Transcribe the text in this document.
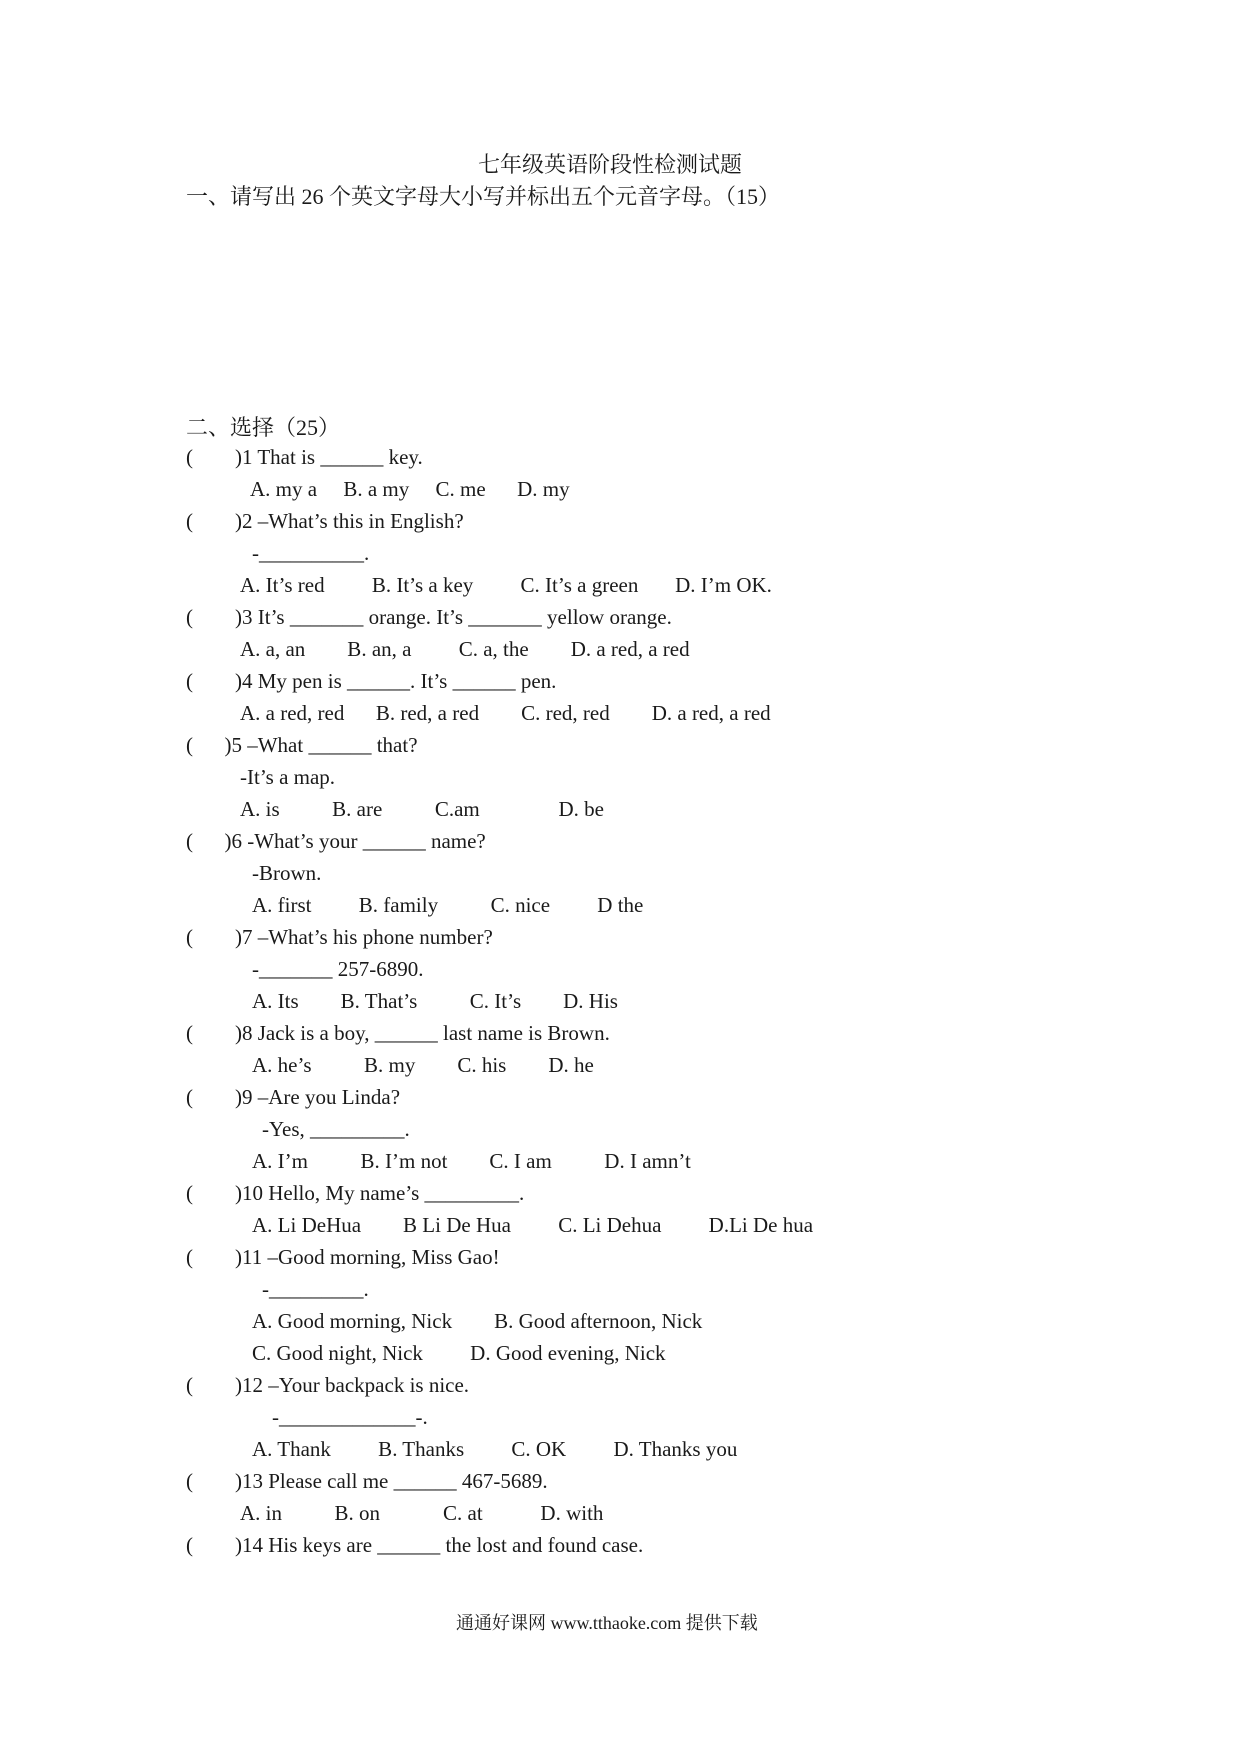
七年级英语阶段性检测试题
一、请写出 26 个英文字母大小写并标出五个元音字母。（15）
二、选择（25）
(        )1 That is ______ key.
A. my a     B. a my     C. me      D. my
(        )2 –What’s this in English?
-__________.
A. It’s red         B. It’s a key         C. It’s a green       D. I’m OK.
(        )3 It’s _______ orange. It’s _______ yellow orange.
A. a, an        B. an, a         C. a, the        D. a red, a red
(        )4 My pen is ______. It’s ______ pen.
A. a red, red      B. red, a red        C. red, red        D. a red, a red
(      )5 –What ______ that?
-It’s a map.
A. is          B. are          C.am               D. be
(      )6 -What’s your ______ name?
-Brown.
A. first         B. family          C. nice         D the
(        )7 –What’s his phone number?
-_______ 257-6890.
A. Its        B. That’s          C. It’s        D. His
(        )8 Jack is a boy, ______ last name is Brown.
A. he’s          B. my        C. his        D. he
(        )9 –Are you Linda?
-Yes, _________.
A. I’m          B. I’m not        C. I am          D. I amn’t
(        )10 Hello, My name’s _________.
A. Li DeHua        B Li De Hua         C. Li Dehua         D.Li De hua
(        )11 –Good morning, Miss Gao!
-_________.
A. Good morning, Nick        B. Good afternoon, Nick
C. Good night, Nick         D. Good evening, Nick
(        )12 –Your backpack is nice.
-_____________-.
A. Thank         B. Thanks         C. OK         D. Thanks you
(        )13 Please call me ______ 467-5689.
A. in          B. on            C. at           D. with
(        )14 His keys are ______ the lost and found case.
通通好课网 www.tthaoke.com 提供下载
